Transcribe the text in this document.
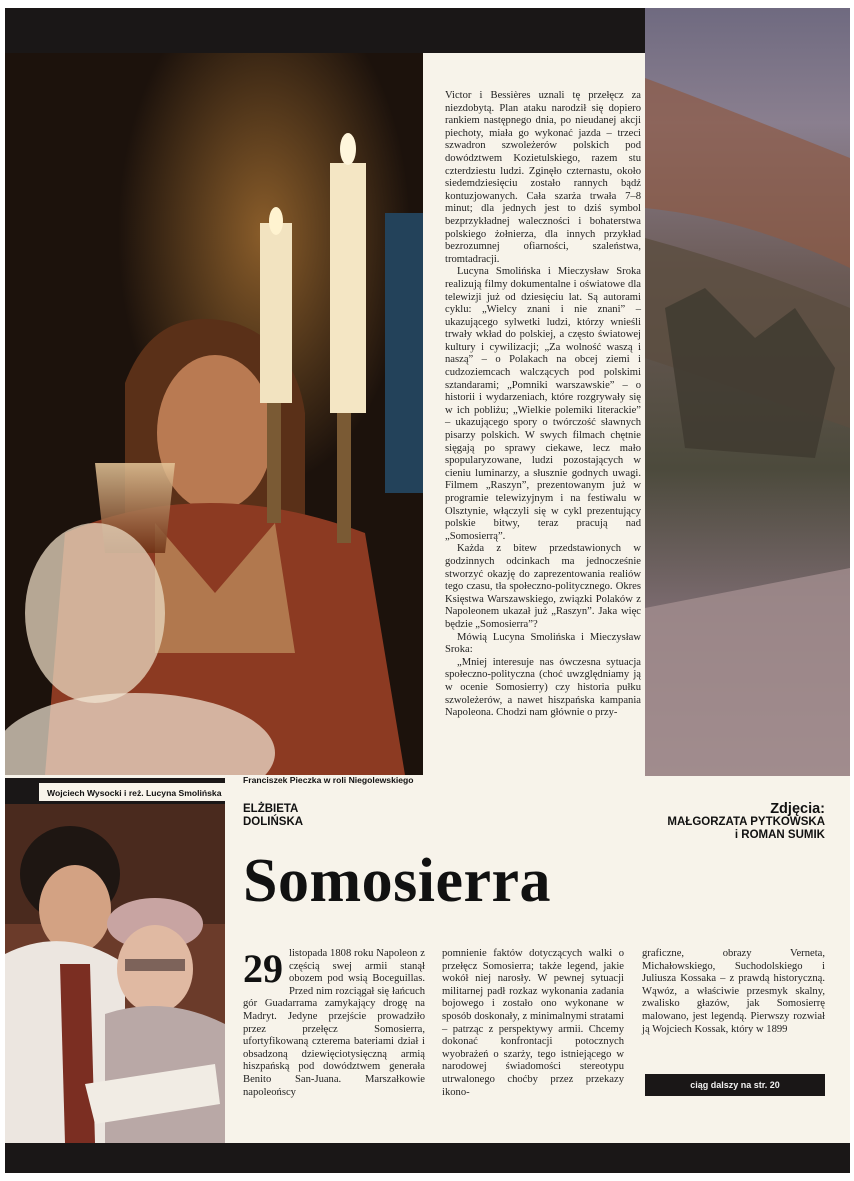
Victor i Bessières uznali tę przełęcz za niezdobytą. Plan ataku narodził się dopiero rankiem następnego dnia, po nieudanej akcji piechoty, miała go wykonać jazda – trzeci szwadron szwoleżerów polskich pod dowództwem Kozietulskiego, razem stu czterdziestu ludzi. Zginęło czternastu, około siedemdziesięciu zostało rannych bądź kontuzjowanych. Cała szarża trwała 7–8 minut; dla jednych jest to dziś symbol bezprzykładnej waleczności i bohaterstwa polskiego żołnierza, dla innych przykład bezrozumnej ofiarności, szaleństwa, tromtadracji.

Lucyna Smolińska i Mieczysław Sroka realizują filmy dokumentalne i oświatowe dla telewizji już od dziesięciu lat. Są autorami cyklu: „Wielcy znani i nie znani” – ukazującego sylwetki ludzi, którzy wnieśli trwały wkład do polskiej, a często światowej kultury i cywilizacji; „Za wolność waszą i naszą” – o Polakach na obcej ziemi i cudzoziemcach walczących pod polskimi sztandarami; „Pomniki warszawskie” – o historii i wydarzeniach, które rozgrywały się w ich pobliżu; „Wielkie polemiki literackie” – ukazującego spory o twórczość sławnych pisarzy polskich. W swych filmach chętnie sięgają po sprawy ciekawe, lecz mało spopularyzowane, ludzi pozostających w cieniu luminarzy, a słusznie godnych uwagi. Filmem „Raszyn”, prezentowanym już w programie telewizyjnym i na festiwalu w Olsztynie, włączyli się w cykl prezentujący polskie bitwy, teraz pracują nad „Somosierrą”.

Każda z bitew przedstawionych w godzinnych odcinkach ma jednocześnie stworzyć okazję do zaprezentowania realiów tego czasu, tła społeczno-politycznego. Okres Księstwa Warszawskiego, związki Polaków z Napoleonem ukazał już „Raszyn”. Jaka więc będzie „Somosierra”?

Mówią Lucyna Smolińska i Mieczysław Sroka:

„Mniej interesuje nas ówczesna sytuacja społeczno-polityczna (choć uwzględniamy ją w ocenie Somosierry) czy historia pułku szwoleżerów, a nawet hiszpańska kampania Napoleona. Chodzi nam głównie o przy-

Wojciech Wysocki i reż. Lucyna Smolińska
Franciszek Pieczka w roli Niegolewskiego
ELŻBIETA
DOLIŃSKA
Zdjęcia:
MAŁGORZATA PYTKOWSKA
i ROMAN SUMIK
Somosierra
29 listopada 1808 roku Napoleon z częścią swej armii stanął obozem pod wsią Boceguillas. Przed nim rozciągał się łańcuch gór Guadarrama zamykający drogę na Madryt. Jedyne przejście prowadziło przez przełęcz Somosierra, ufortyfikowaną czterema bateriami dział i obsadzoną dziewięciotysięczną armią hiszpańską pod dowództwem generała Benito San-Juana. Marszałkowie napoleońscy

pomnienie faktów dotyczących walki o przełęcz Somosierra; także legend, jakie wokół niej narosły. W pewnej sytuacji militarnej padł rozkaz wykonania zadania bojowego i zostało ono wykonane w sposób doskonały, z minimalnymi stratami – patrząc z perspektywy armii. Chcemy dokonać konfrontacji potocznych wyobrażeń o szarży, tego istniejącego w narodowej świadomości stereotypu utrwalonego choćby przez przekazy ikono-

graficzne, obrazy Verneta, Michałowskiego, Suchodolskiego i Juliusza Kossaka – z prawdą historyczną. Wąwóz, a właściwie przesmyk skalny, zwalisko głazów, jak Somosierrę malowano, jest legendą. Pierwszy rozwiał ją Wojciech Kossak, który w 1899

ciąg dalszy na str. 20
